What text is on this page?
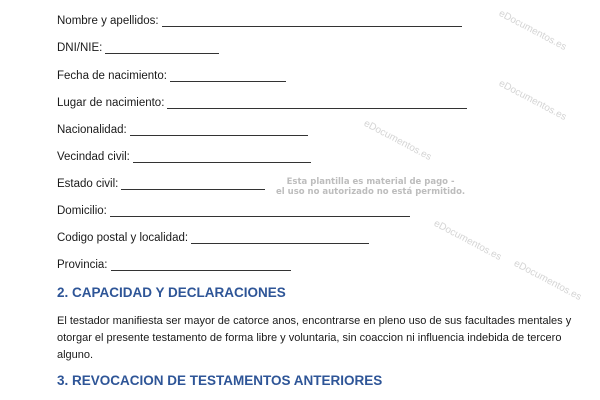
eDocumentos.es
eDocumentos.es
eDocumentos.es
eDocumentos.es
eDocumentos.es
Nombre y apellidos:
DNI/NIE:
Fecha de nacimiento:
Lugar de nacimiento:
Nacionalidad:
Vecindad civil:
Estado civil:
Domicilio:
Codigo postal y localidad:
Provincia:
Esta plantilla es material de pago -
el uso no autorizado no está permitido.
2. CAPACIDAD Y DECLARACIONES

El testador manifiesta ser mayor de catorce anos, encontrarse en pleno uso de sus facultades mentales y otorgar el presente testamento de forma libre y voluntaria, sin coaccion ni influencia indebida de tercero alguno.

3. REVOCACION DE TESTAMENTOS ANTERIORES
